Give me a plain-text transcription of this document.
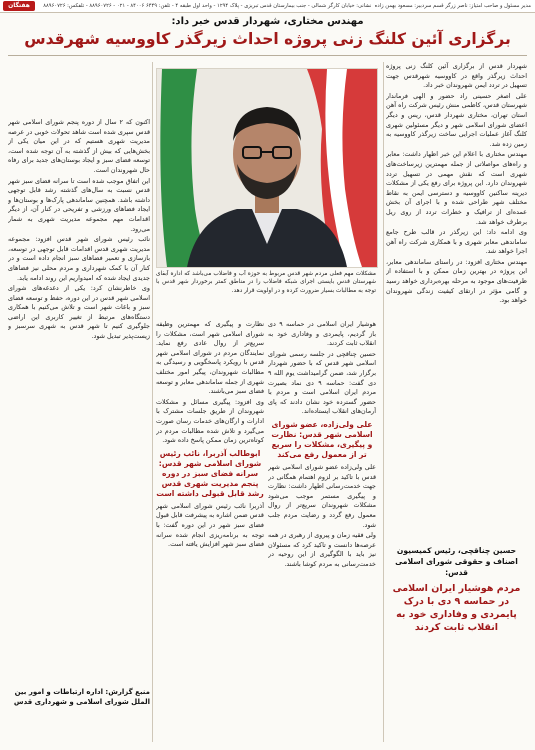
هفتگان	مدیر مسئول و صاحب امتیاز: ناصر زرگر قسم سردبیر: مسعود بهمن زاده ‌ نشانی: خیابان کارگر شمالی - جنب بیمارستان قدس تبریزی - پلاک ۱۲۹۴ - واحد اول طبقه ۴ - تلفن: ۶۴۴۹ ۸۴۰۰۶ - ۰۲۱ - ۸۸۹۶۰۷۲۶ - تلفکس: ۸۸۹۶۰۷۲۶
مهندس مختاری، شهردار قدس خبر داد:
برگزاری آئین کلنگ زنی پروژه احداث زیرگذر کاووسیه شهرقدس

شهردار قدس از برگزاری آئین کلنگ زنی پروژه احداث زیرگذر واقع در کاووسیه شهرقدس جهت تسهیل در تردد ایمن شهروندان خبر داد.

علی اصغر حسینی راد حضور و الهی فرماندار شهرستان قدس، کاظمی منش رئیس شرکت راه آهن استان تهران، مختاری شهردار قدس، ریس و دیگر اعضای شورای اسلامی شهر و دیگر مسئولین شهری کلنگ آغاز عملیات اجرایی ساخت زیرگذر کاووسیه به زمین زده شد.

مهندس مختاری با اعلام این خبر اظهار داشت: معابر و راه‌های مواصلاتی از جمله مهمترین زیرساخت‌های شهری است که نقش مهمی در تسهیل تردد شهروندان دارد. این پروژه برای رفع یکی از مشکلات دیرینه ساکنین کاووسیه و دسترسی ایمن به نقاط مختلف شهر طراحی شده و با اجرای آن بخش عمده‌ای از ترافیک و خطرات تردد از روی ریل برطرف خواهد شد.

وی ادامه داد: این زیرگذر در قالب طرح جامع ساماندهی معابر شهری و با همکاری شرکت راه آهن اجرا خواهد شد.

مهندس مختاری افزود: در راستای ساماندهی معابر، این پروژه در بهترین زمان ممکن و با استفاده از ظرفیت‌های موجود به مرحله بهره‌برداری خواهد رسید و گامی مؤثر در ارتقای کیفیت زندگی شهروندان خواهد بود.

مشکلات مهم فعلی مردم شهر قدس مربوط به حوزه آب و فاضلاب می‌باشد که اداره آبفای شهرستان قدس بایستی اجرای شبکه فاضلاب را در مناطق کمتر برخوردار شهر قدس با توجه به مطالبات بسیار ضرورت کرده و در اولویت قرار دهد.

هوشیار ایران اسلامی در حماسه ۹ دی باز گردیم، پایمردی و وفاداری خود به انقلاب ثابت کردند.

حسین چناقچی در جلسه رسمی شورای اسلامی شهر قدس که با حضور شهردار برگزار شد، ضمن گرامیداشت یوم الله ۹ دی گفت: حماسه ۹ دی نماد بصیرت مردم ایران اسلامی است و مردم با حضور گسترده خود نشان دادند که پای آرمان‌های انقلاب ایستاده‌اند.

علی ولی‌زاده، عضو شورای اسلامی شهر قدس: نظارت و پیگیری، مشکلات را سریع تر از معمول رفع می‌کند

علی ولی‌زاده عضو شورای اسلامی شهر قدس با تاکید بر لزوم اهتمام همگانی در جهت خدمت‌رسانی اظهار داشت: نظارت و پیگیری مستمر موجب می‌شود مشکلات شهروندان سریع‌تر از روال معمول رفع گردد و رضایت مردم جلب شود.

ولی فقیه زمان و پیروی از رهبری در همه عرصه‌ها دانست و تاکید کرد که مسئولان نیز باید با الگوگیری از این روحیه در خدمت‌رسانی به مردم کوشا باشند.

نظارت و پیگیری که مهمترین وظیفه شورای اسلامی شهر است، مشکلات را سریع‌تر از روال عادی رفع نماید. نمایندگان مردم در شورای اسلامی شهر قدس با رویکرد پاسخگویی و رسیدگی به مطالبات شهروندان، پیگیر امور مختلف شهری از جمله ساماندهی معابر و توسعه فضای سبز می‌باشند.

وی افزود: پیگیری مسائل و مشکلات شهروندان از طریق جلسات مشترک با ادارات و ارگان‌های خدمات رسان صورت می‌گیرد و تلاش شده مطالبات مردم در کوتاه‌ترین زمان ممکن پاسخ داده شود.

ابوطالب آذربرا، نائب رئیس شورای اسلامی شهر قدس: سرانه فضای سبز در دوره پنجم مدیریت شهری قدس رشد قابل قبولی داشته است

آذربرا نائب رئیس شورای اسلامی شهر قدس ضمن اشاره به پیشرفت قابل قبول فضای سبز شهر در این دوره گفت: با توجه به برنامه‌ریزی انجام شده سرانه فضای سبز شهر افزایش یافته است.

اکنون که ۲ سال از دوره پنجم شورای اسلامی شهر قدس سپری شده است شاهد تحولات خوبی در عرصه مدیریت شهری هستیم که در این میان یکی از بخش‌هایی که بیش از گذشته به آن توجه شده است، توسعه فضای سبز و ایجاد بوستان‌های جدید برای رفاه حال شهروندان است.

این اتفاق موجب شده است تا سرانه فضای سبز شهر قدس نسبت به سال‌های گذشته رشد قابل توجهی داشته باشد. همچنین ساماندهی پارک‌ها و بوستان‌ها و ایجاد فضاهای ورزشی و تفریحی در کنار آن، از دیگر اقدامات مهم مجموعه مدیریت شهری به شمار می‌رود.

نائب رئیس شورای شهر قدس افزود: مجموعه مدیریت شهری قدس اقدامات قابل توجهی در توسعه، بازسازی و تعمیر فضاهای سبز انجام داده است و در کنار آن با کمک شهرداری و مردم محلی نیز فضاهای جدیدی ایجاد شده که امیدواریم این روند ادامه یابد.

وی خاطرنشان کرد: یکی از دغدغه‌های شورای اسلامی شهر قدس در این دوره، حفظ و توسعه فضای سبز و باغات شهر است و تلاش می‌کنیم با همکاری دستگاه‌های مرتبط از تغییر کاربری این اراضی جلوگیری کنیم تا شهر قدس به شهری سرسبز و زیست‌پذیر تبدیل شود.

منبع گزارش: اداره ارتباطات و امور بین الملل شورای اسلامی و شهرداری قدس
حسین چناقچی، رئیس کمیسیون اصناف و حقوقی شورای اسلامی قدس:
مردم هوشیار ایران اسلامی در حماسه ۹ دی با درک پایمردی و وفاداری خود به انقلاب ثابت کردند
